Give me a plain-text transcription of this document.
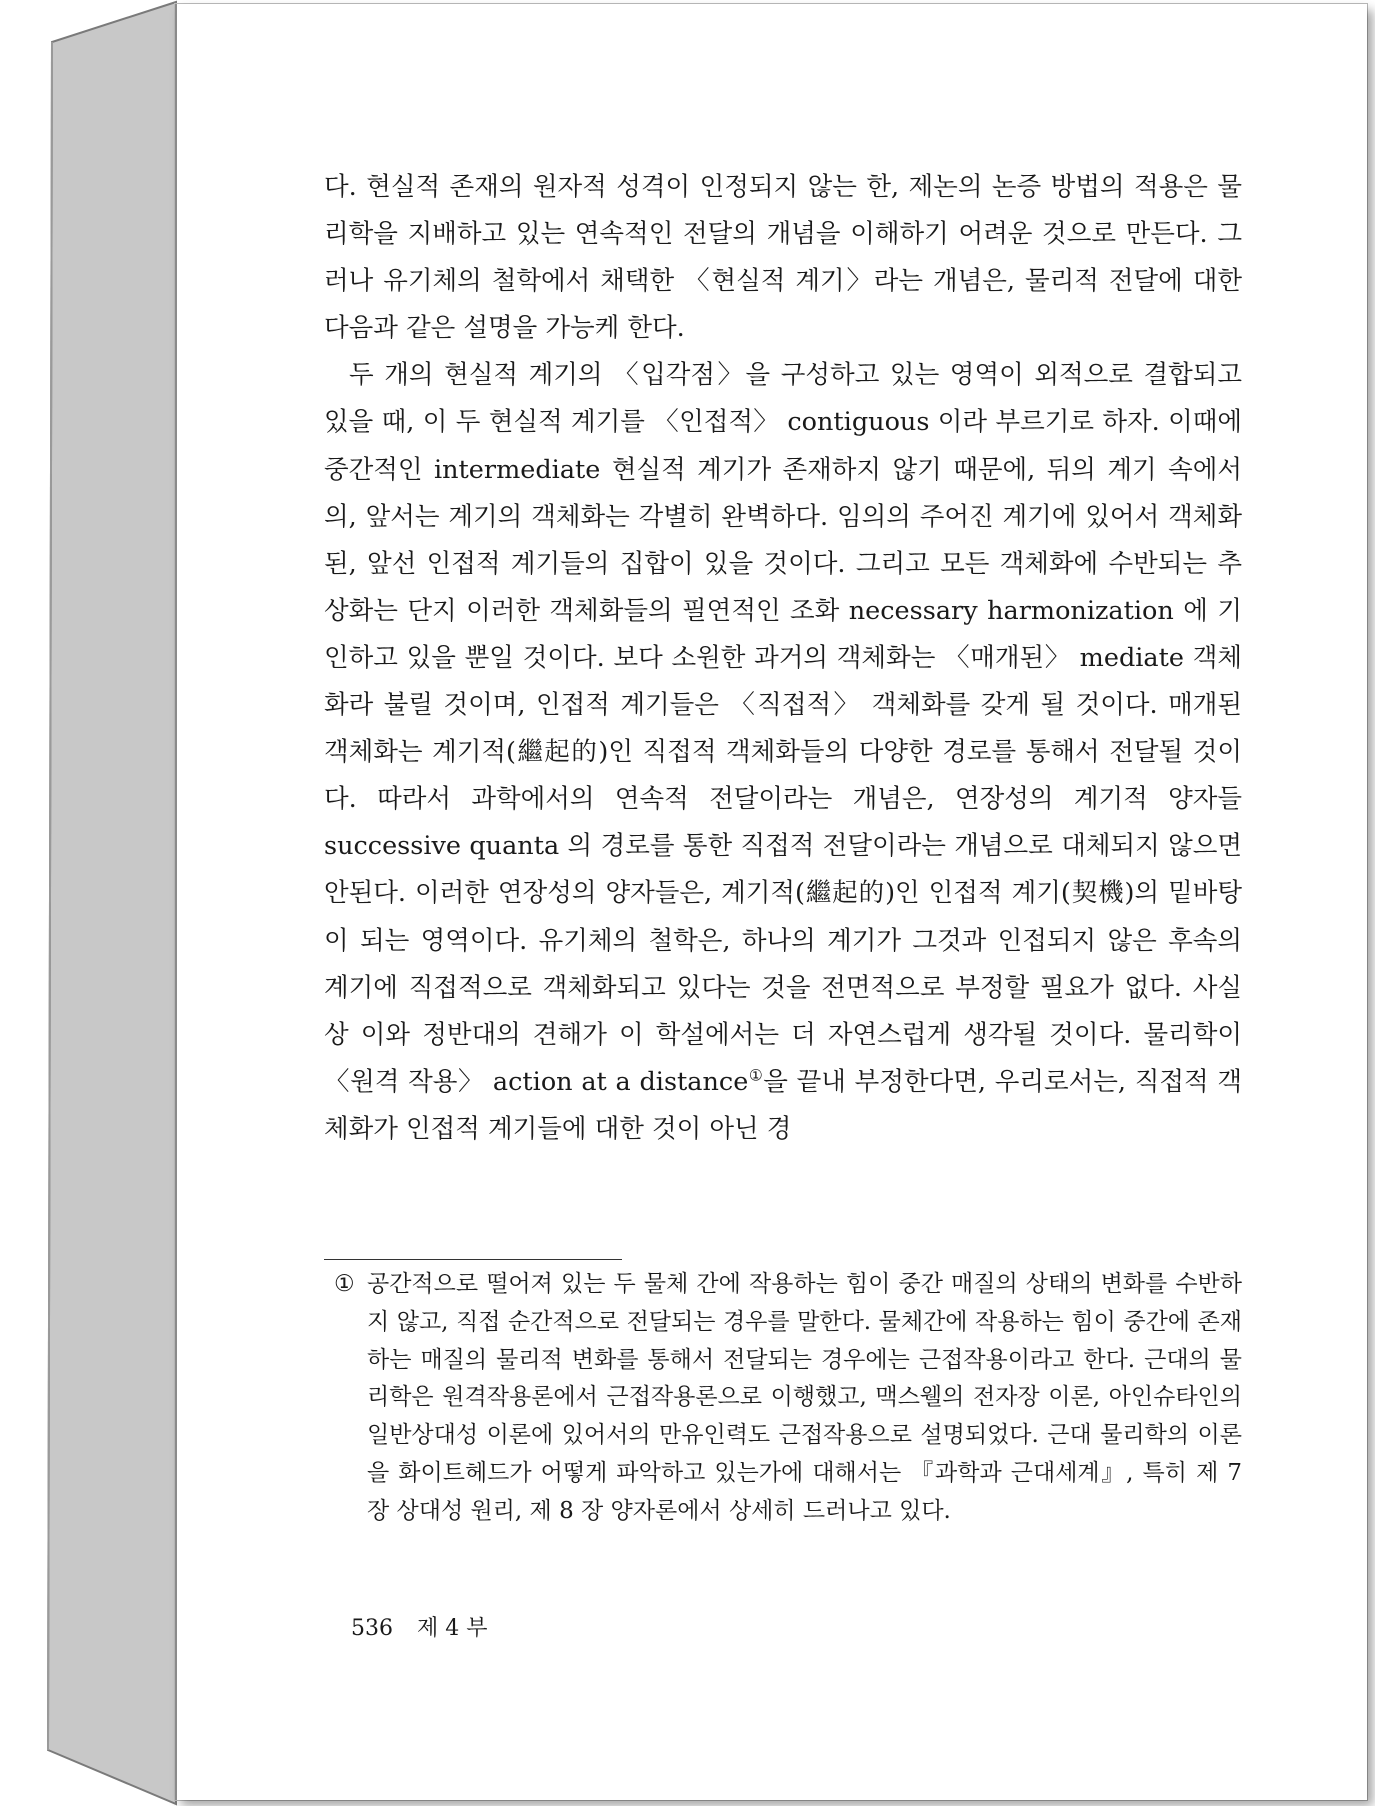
다. 현실적 존재의 원자적 성격이 인정되지 않는 한, 제논의 논증 방법의 적용은 물리학을 지배하고 있는 연속적인 전달의 개념을 이해하기 어려운 것으로 만든다. 그러나 유기체의 철학에서 채택한 〈현실적 계기〉라는 개념은, 물리적 전달에 대한 다음과 같은 설명을 가능케 한다.

두 개의 현실적 계기의 〈입각점〉을 구성하고 있는 영역이 외적으로 결합되고 있을 때, 이 두 현실적 계기를 〈인접적〉 contiguous 이라 부르기로 하자. 이때에 중간적인 intermediate 현실적 계기가 존재하지 않기 때문에, 뒤의 계기 속에서의, 앞서는 계기의 객체화는 각별히 완벽하다. 임의의 주어진 계기에 있어서 객체화된, 앞선 인접적 계기들의 집합이 있을 것이다. 그리고 모든 객체화에 수반되는 추상화는 단지 이러한 객체화들의 필연적인 조화 necessary harmonization 에 기인하고 있을 뿐일 것이다. 보다 소원한 과거의 객체화는 〈매개된〉 mediate 객체화라 불릴 것이며, 인접적 계기들은 〈직접적〉 객체화를 갖게 될 것이다. 매개된 객체화는 계기적(繼起的)인 직접적 객체화들의 다양한 경로를 통해서 전달될 것이다. 따라서 과학에서의 연속적 전달이라는 개념은, 연장성의 계기적 양자들 successive quanta 의 경로를 통한 직접적 전달이라는 개념으로 대체되지 않으면 안된다. 이러한 연장성의 양자들은, 계기적(繼起的)인 인접적 계기(契機)의 밑바탕이 되는 영역이다. 유기체의 철학은, 하나의 계기가 그것과 인접되지 않은 후속의 계기에 직접적으로 객체화되고 있다는 것을 전면적으로 부정할 필요가 없다. 사실상 이와 정반대의 견해가 이 학설에서는 더 자연스럽게 생각될 것이다. 물리학이 〈원격 작용〉 action at a distance①을 끝내 부정한다면, 우리로서는, 직접적 객체화가 인접적 계기들에 대한 것이 아닌 경

① 공간적으로 떨어져 있는 두 물체 간에 작용하는 힘이 중간 매질의 상태의 변화를 수반하지 않고, 직접 순간적으로 전달되는 경우를 말한다. 물체간에 작용하는 힘이 중간에 존재하는 매질의 물리적 변화를 통해서 전달되는 경우에는 근접작용이라고 한다. 근대의 물리학은 원격작용론에서 근접작용론으로 이행했고, 맥스웰의 전자장 이론, 아인슈타인의 일반상대성 이론에 있어서의 만유인력도 근접작용으로 설명되었다. 근대 물리학의 이론을 화이트헤드가 어떻게 파악하고 있는가에 대해서는 『과학과 근대세계』, 특히 제 7 장 상대성 원리, 제 8 장 양자론에서 상세히 드러나고 있다.

536 제 4 부
